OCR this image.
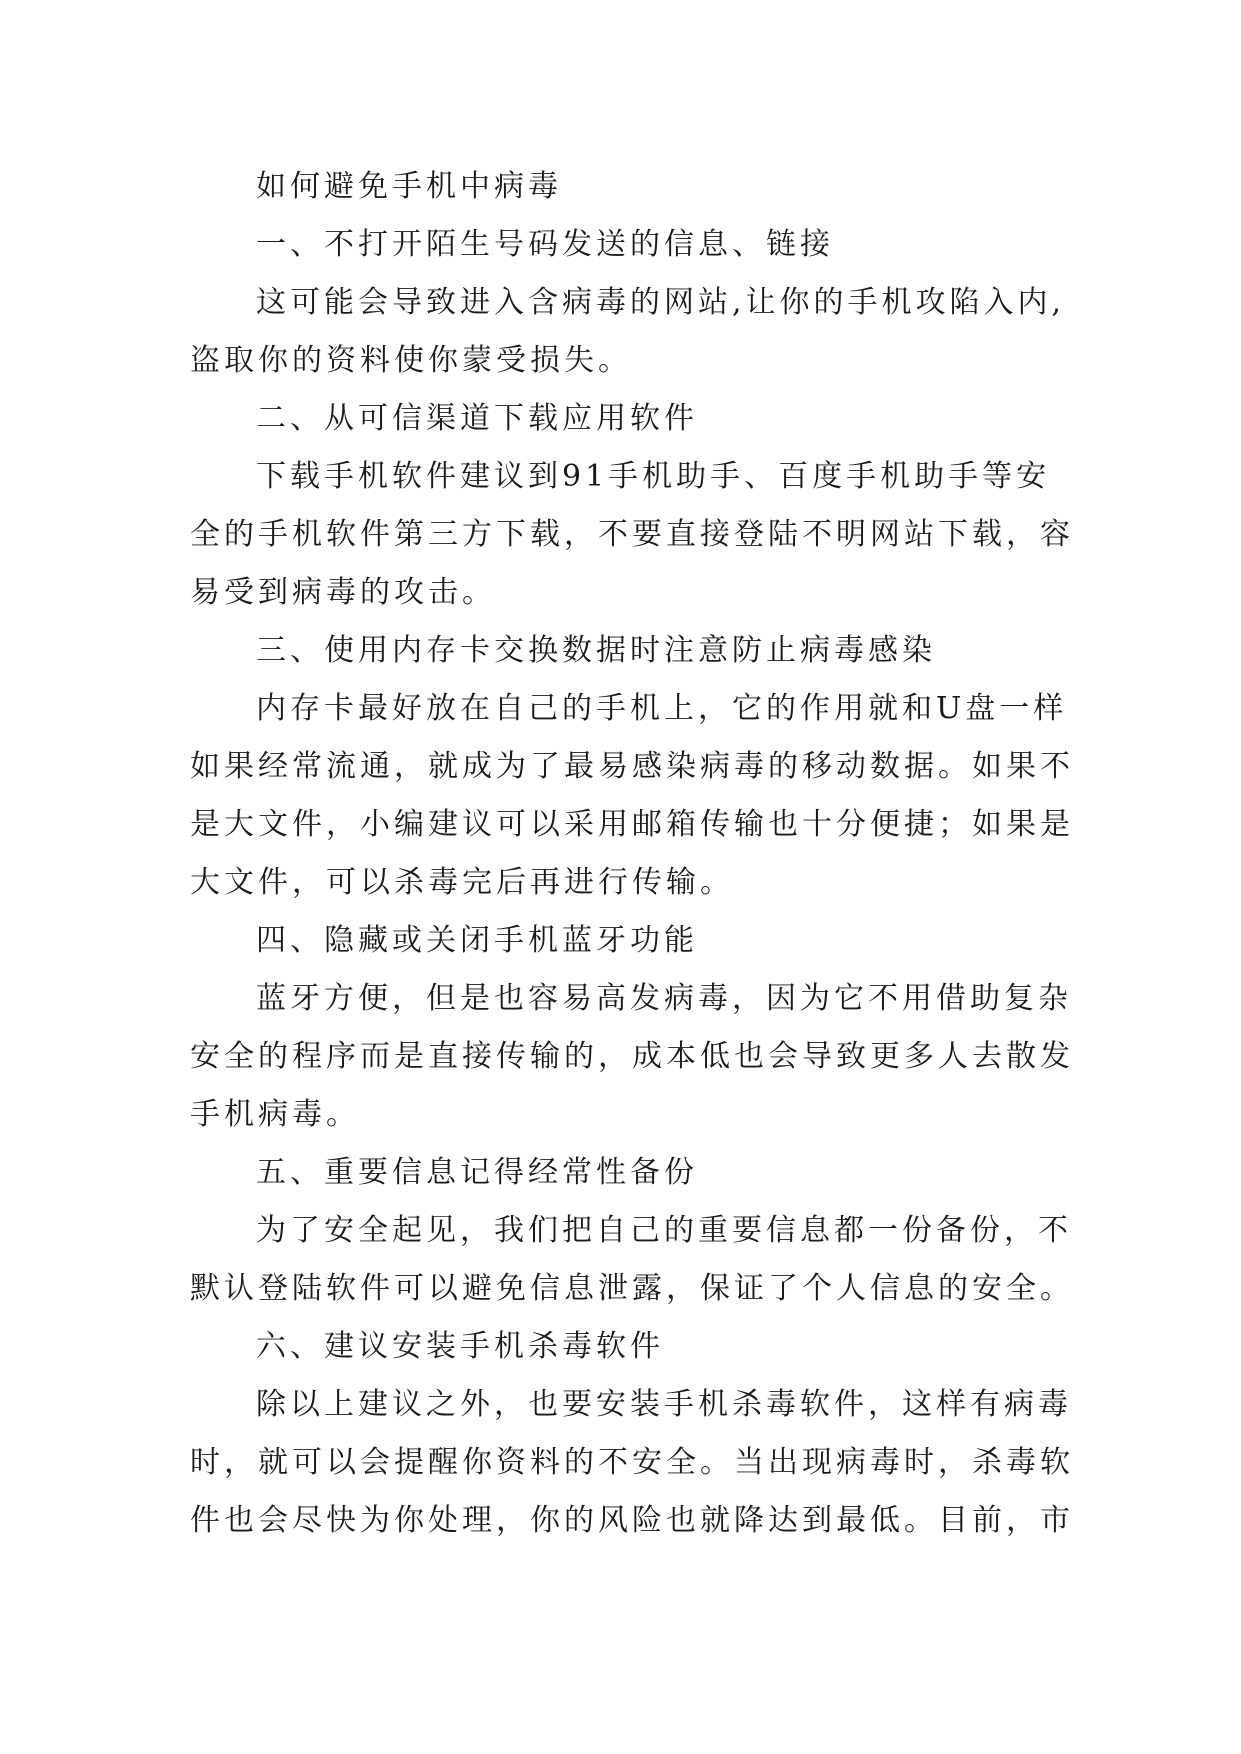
如何避免手机中病毒
一、不打开陌生号码发送的信息、链接
这可能会导致进入含病毒的网站,让你的手机攻陷入内,
盗取你的资料使你蒙受损失。
二、从可信渠道下载应用软件
下载手机软件建议到91手机助手、百度手机助手等安
全的手机软件第三方下载，不要直接登陆不明网站下载，容
易受到病毒的攻击。
三、使用内存卡交换数据时注意防止病毒感染
内存卡最好放在自己的手机上，它的作用就和U盘一样
如果经常流通，就成为了最易感染病毒的移动数据。如果不
是大文件，小编建议可以采用邮箱传输也十分便捷；如果是
大文件，可以杀毒完后再进行传输。
四、隐藏或关闭手机蓝牙功能
蓝牙方便，但是也容易高发病毒，因为它不用借助复杂
安全的程序而是直接传输的，成本低也会导致更多人去散发
手机病毒。
五、重要信息记得经常性备份
为了安全起见，我们把自己的重要信息都一份备份，不
默认登陆软件可以避免信息泄露，保证了个人信息的安全。
六、建议安装手机杀毒软件
除以上建议之外，也要安装手机杀毒软件，这样有病毒
时，就可以会提醒你资料的不安全。当出现病毒时，杀毒软
件也会尽快为你处理，你的风险也就降达到最低。目前，市
